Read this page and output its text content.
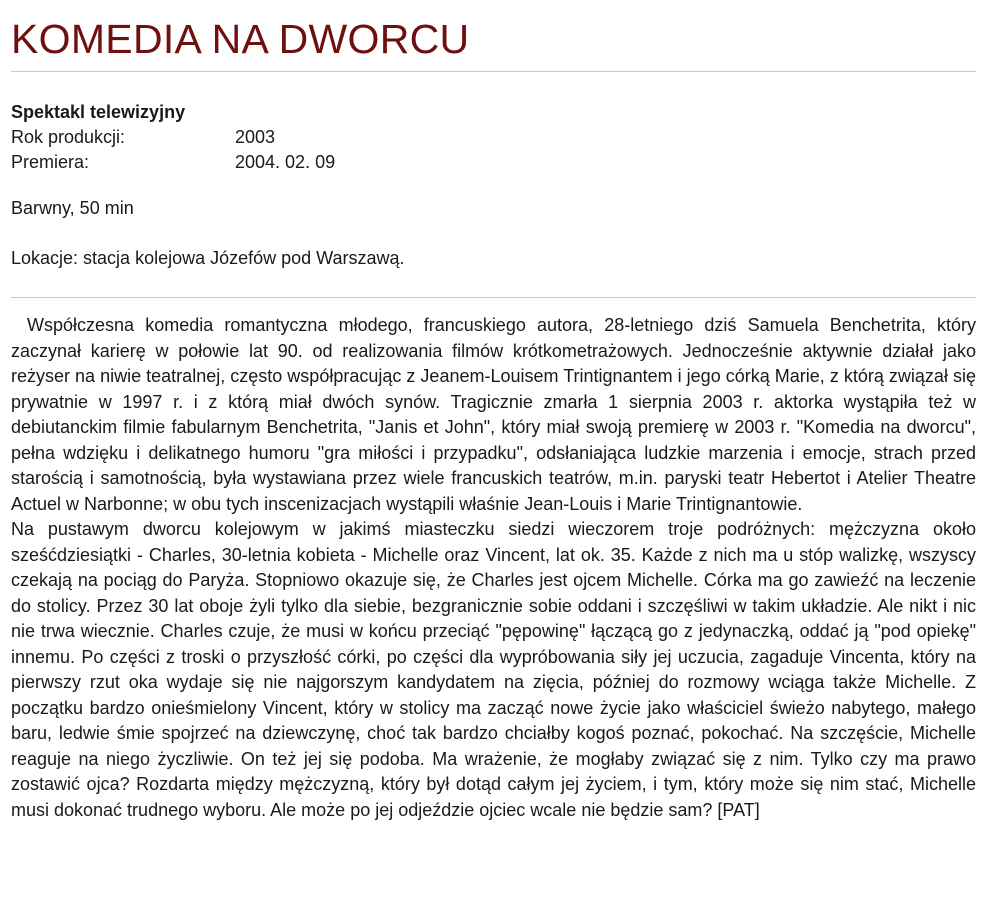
KOMEDIA NA DWORCU
Spektakl telewizyjny
Rok produkcji:	2003
Premiera:	2004. 02. 09
Barwny, 50 min
Lokacje: stacja kolejowa Józefów pod Warszawą.

Współczesna komedia romantyczna młodego, francuskiego autora, 28-letniego dziś Samuela Benchetrita, który zaczynał karierę w połowie lat 90. od realizowania filmów krótkometrażowych. Jednocześnie aktywnie działał jako reżyser na niwie teatralnej, często współpracując z Jeanem-Louisem Trintignantem i jego córką Marie, z którą związał się prywatnie w 1997 r. i z którą miał dwóch synów. Tragicznie zmarła 1 sierpnia 2003 r. aktorka wystąpiła też w debiutanckim filmie fabularnym Benchetrita, "Janis et John", który miał swoją premierę w 2003 r. "Komedia na dworcu", pełna wdzięku i delikatnego humoru "gra miłości i przypadku", odsłaniająca ludzkie marzenia i emocje, strach przed starością i samotnością, była wystawiana przez wiele francuskich teatrów, m.in. paryski teatr Hebertot i Atelier Theatre Actuel w Narbonne; w obu tych inscenizacjach wystąpili właśnie Jean-Louis i Marie Trintignantowie.

Na pustawym dworcu kolejowym w jakimś miasteczku siedzi wieczorem troje podróżnych: mężczyzna około sześćdziesiątki - Charles, 30-letnia kobieta - Michelle oraz Vincent, lat ok. 35. Każde z nich ma u stóp walizkę, wszyscy czekają na pociąg do Paryża. Stopniowo okazuje się, że Charles jest ojcem Michelle. Córka ma go zawieźć na leczenie do stolicy. Przez 30 lat oboje żyli tylko dla siebie, bezgranicznie sobie oddani i szczęśliwi w takim układzie. Ale nikt i nic nie trwa wiecznie. Charles czuje, że musi w końcu przeciąć "pępowinę" łączącą go z jedynaczką, oddać ją "pod opiekę" innemu. Po części z troski o przyszłość córki, po części dla wypróbowania siły jej uczucia, zagaduje Vincenta, który na pierwszy rzut oka wydaje się nie najgorszym kandydatem na zięcia, później do rozmowy wciąga także Michelle. Z początku bardzo onieśmielony Vincent, który w stolicy ma zacząć nowe życie jako właściciel świeżo nabytego, małego baru, ledwie śmie spojrzeć na dziewczynę, choć tak bardzo chciałby kogoś poznać, pokochać. Na szczęście, Michelle reaguje na niego życzliwie. On też jej się podoba. Ma wrażenie, że mogłaby związać się z nim. Tylko czy ma prawo zostawić ojca? Rozdarta między mężczyzną, który był dotąd całym jej życiem, i tym, który może się nim stać, Michelle musi dokonać trudnego wyboru. Ale może po jej odjeździe ojciec wcale nie będzie sam? [PAT]
